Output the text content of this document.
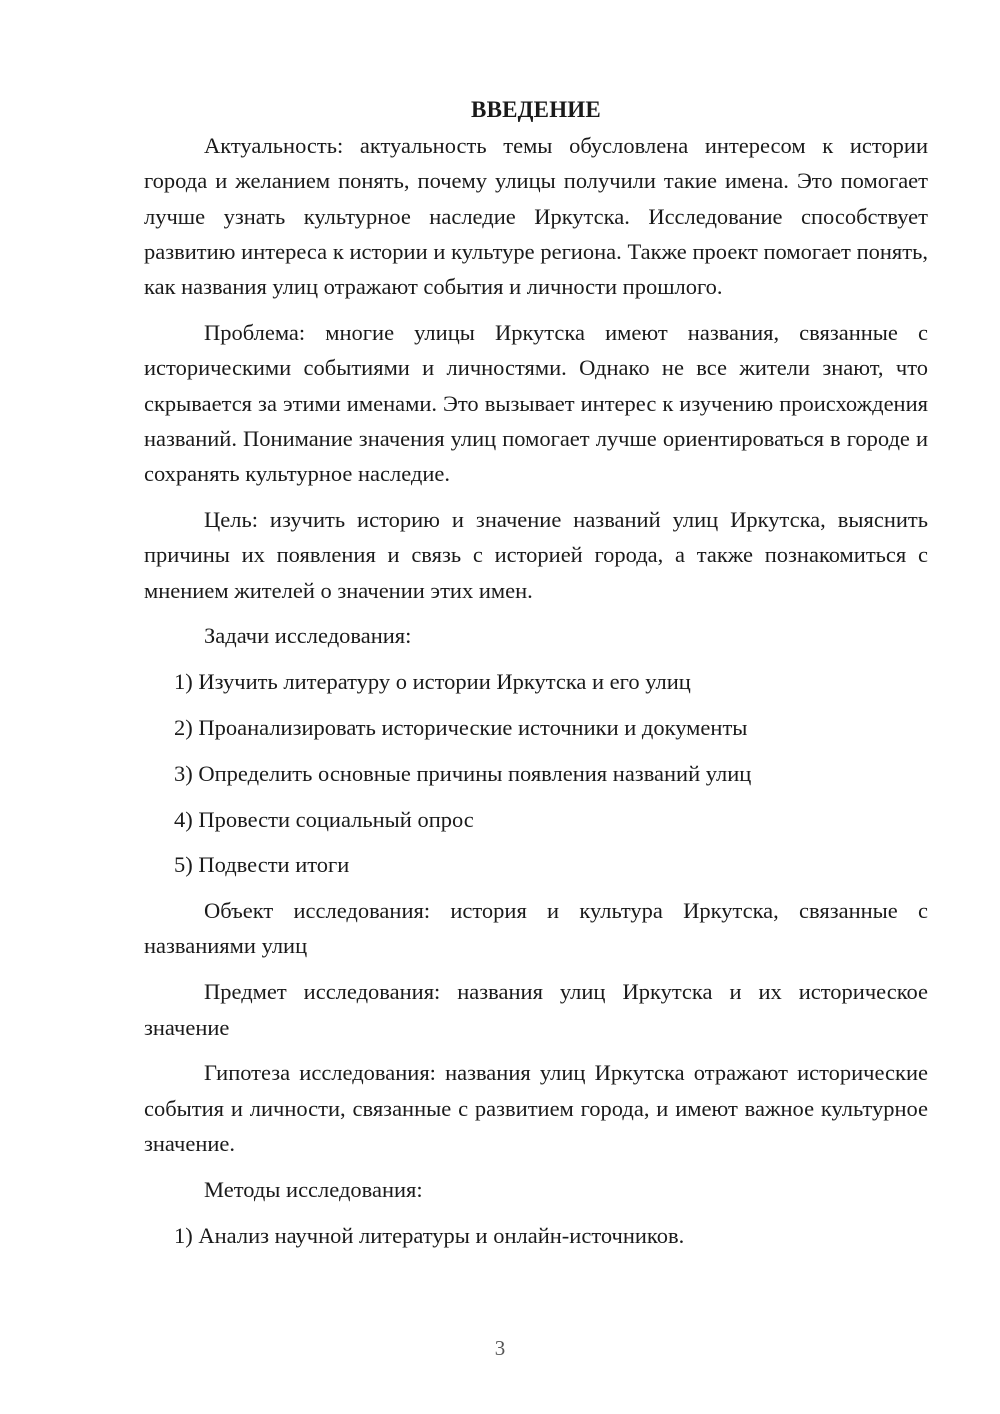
ВВЕДЕНИЕ

Актуальность: актуальность темы обусловлена интересом к истории города и желанием понять, почему улицы получили такие имена. Это помогает лучше узнать культурное наследие Иркутска. Исследование способствует развитию интереса к истории и культуре региона. Также проект помогает понять, как названия улиц отражают события и личности прошлого.

Проблема: многие улицы Иркутска имеют названия, связанные с историческими событиями и личностями. Однако не все жители знают, что скрывается за этими именами. Это вызывает интерес к изучению происхождения названий. Понимание значения улиц помогает лучше ориентироваться в городе и сохранять культурное наследие.

Цель: изучить историю и значение названий улиц Иркутска, выяснить причины их появления и связь с историей города, а также познакомиться с мнением жителей о значении этих имен.

Задачи исследования:

1) Изучить литературу о истории Иркутска и его улиц

2) Проанализировать исторические источники и документы

3) Определить основные причины появления названий улиц

4) Провести социальный опрос

5) Подвести итоги

Объект исследования: история и культура Иркутска, связанные с названиями улиц

Предмет исследования: названия улиц Иркутска и их историческое значение

Гипотеза исследования: названия улиц Иркутска отражают исторические события и личности, связанные с развитием города, и имеют важное культурное значение.

Методы исследования:

1) Анализ научной литературы и онлайн-источников.

3
